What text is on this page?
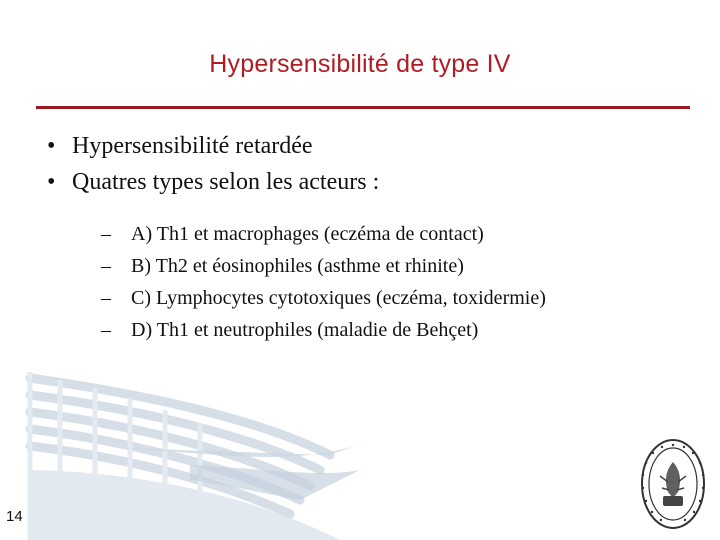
Hypersensibilité de type IV
• Hypersensibilité retardée
• Quatres types selon les acteurs :
–	A) Th1 et macrophages (eczéma de contact)
–	B) Th2 et éosinophiles (asthme et rhinite)
–	C) Lymphocytes cytotoxiques (eczéma, toxidermie)
–	D) Th1 et neutrophiles (maladie de Behçet)
14
